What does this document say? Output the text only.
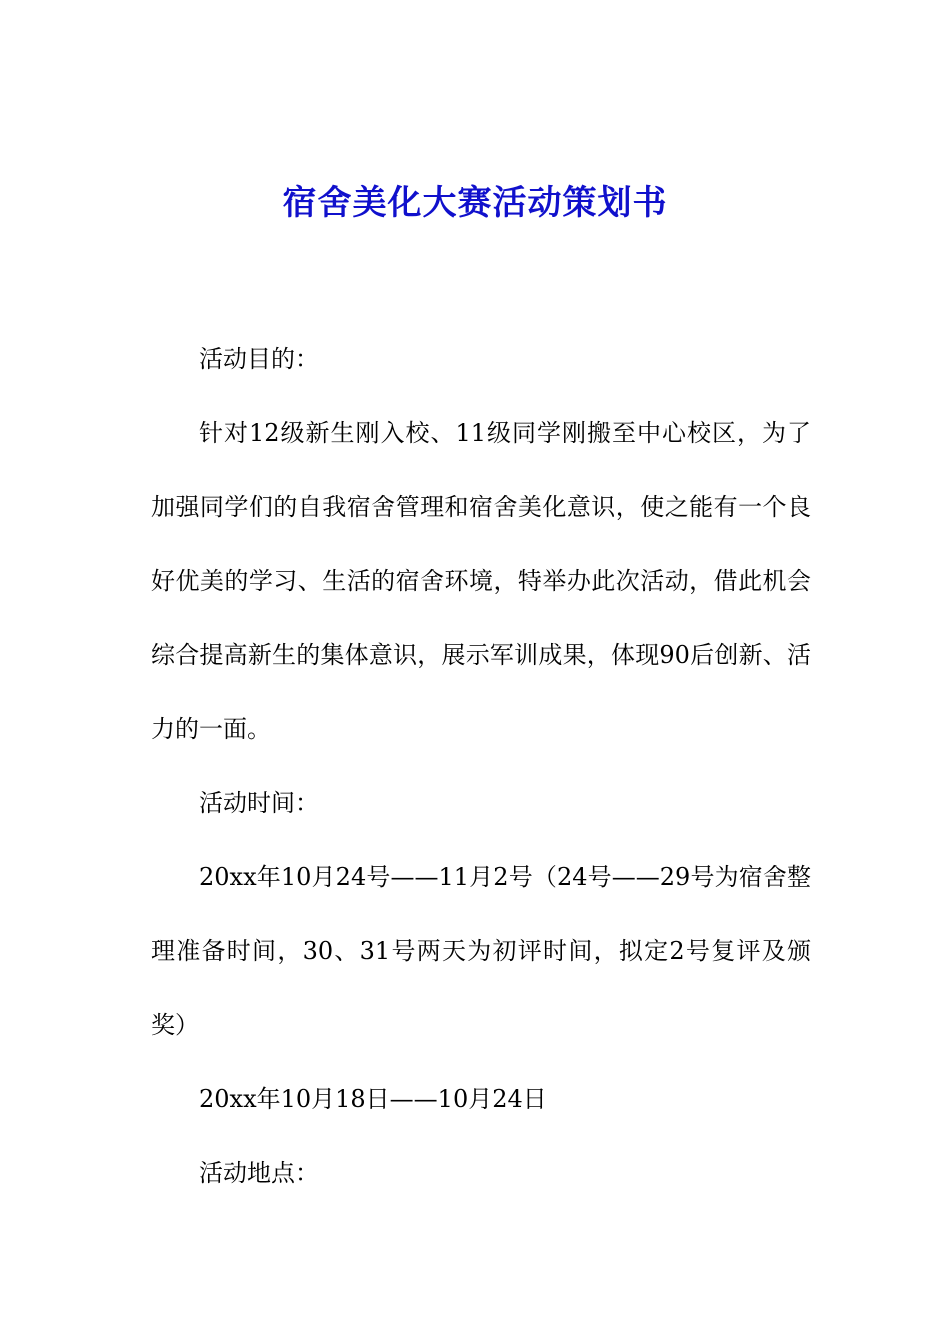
宿舍美化大赛活动策划书

活动目的：

针对12级新生刚入校、11级同学刚搬至中心校区，为了加强同学们的自我宿舍管理和宿舍美化意识，使之能有一个良好优美的学习、生活的宿舍环境，特举办此次活动，借此机会综合提高新生的集体意识，展示军训成果，体现90后创新、活力的一面。

活动时间：

20xx年10月24号——11月2号（24号——29号为宿舍整理准备时间，30、31号两天为初评时间，拟定2号复评及颁奖）

20xx年10月18日——10月24日

活动地点：
